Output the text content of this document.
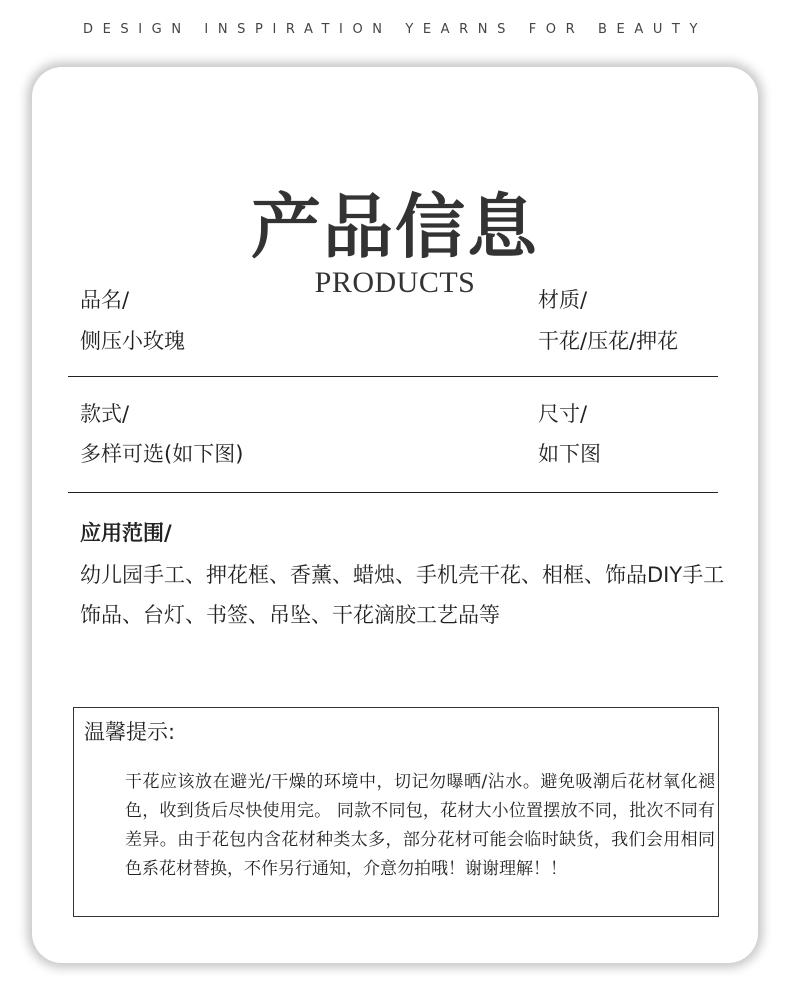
DESIGN INSPIRATION YEARNS FOR BEAUTY
产品信息
PRODUCTS
品名/
侧压小玫瑰
材质/
干花/压花/押花
款式/
多样可选(如下图)
尺寸/
如下图
应用范围/
幼儿园手工、押花框、香薰、蜡烛、手机壳干花、相框、饰品DIY手工饰品、台灯、书签、吊坠、干花滴胶工艺品等
温馨提示:
干花应该放在避光/干燥的环境中，切记勿曝晒/沾水。避免吸潮后花材氧化褪色，收到货后尽快使用完。 同款不同包，花材大小位置摆放不同，批次不同有差异。由于花包内含花材种类太多，部分花材可能会临时缺货，我们会用相同色系花材替换，不作另行通知，介意勿拍哦！谢谢理解！！
